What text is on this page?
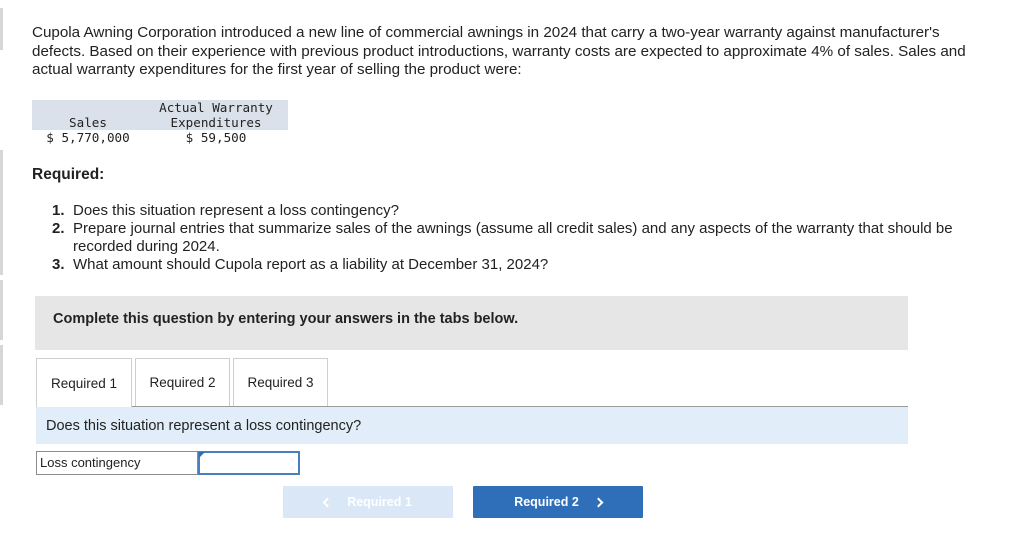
Cupola Awning Corporation introduced a new line of commercial awnings in 2024 that carry a two-year warranty against manufacturer's defects. Based on their experience with previous product introductions, warranty costs are expected to approximate 4% of sales. Sales and actual warranty expenditures for the first year of selling the product were:

Sales	Actual Warranty
Expenditures

$ 5,770,000	$ 59,500
Required:
1. Does this situation represent a loss contingency?
2. Prepare journal entries that summarize sales of the awnings (assume all credit sales) and any aspects of the warranty that should be recorded during 2024.
3. What amount should Cupola report as a liability at December 31, 2024?
Complete this question by entering your answers in the tabs below.
Required 1	Required 2	Required 3
Does this situation represent a loss contingency?
Loss contingency
Required 1	Required 2
